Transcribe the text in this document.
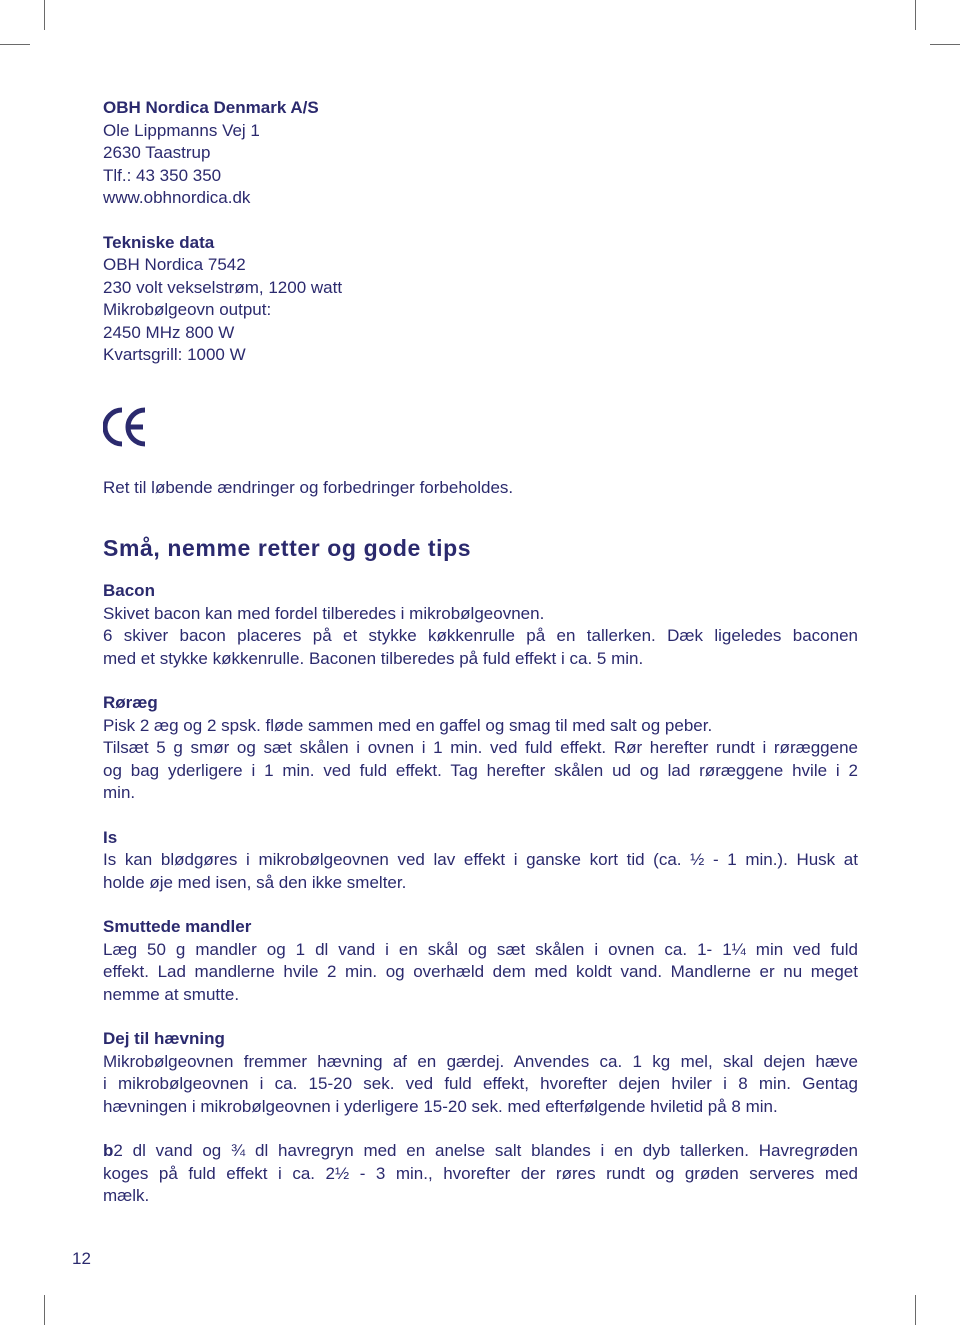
OBH Nordica Denmark A/S
Ole Lippmanns Vej 1
2630 Taastrup
Tlf.: 43 350 350
www.obhnordica.dk
Tekniske data
OBH Nordica 7542
230 volt vekselstrøm, 1200 watt
Mikrobølgeovn output:
2450 MHz 800 W
Kvartsgrill: 1000 W
Ret til løbende ændringer og forbedringer forbeholdes.
Små, nemme retter og gode tips
Bacon
Skivet bacon kan med fordel tilberedes i mikrobølgeovnen.
6 skiver bacon placeres på et stykke køkkenrulle på en tallerken. Dæk ligeledes baconen
med et stykke køkkenrulle. Baconen tilberedes på fuld effekt i ca. 5 min.
Røræg
Pisk 2 æg og 2 spsk. fløde sammen med en gaffel og smag til med salt og peber.
Tilsæt 5 g smør og sæt skålen i ovnen i 1 min. ved fuld effekt. Rør herefter rundt i røræggene
og bag yderligere i 1 min. ved fuld effekt. Tag herefter skålen ud og lad røræggene hvile i 2
min.
Is
Is kan blødgøres i mikrobølgeovnen ved lav effekt i ganske kort tid (ca. ½ - 1 min.). Husk at
holde øje med isen, så den ikke smelter.
Smuttede mandler
Læg 50 g mandler og 1 dl vand i en skål og sæt skålen i ovnen ca. 1- 1¼ min ved fuld
effekt. Lad mandlerne hvile 2 min. og overhæld dem med koldt vand. Mandlerne er nu meget
nemme at smutte.
Dej til hævning
Mikrobølgeovnen fremmer hævning af en gærdej. Anvendes ca. 1 kg mel, skal dejen hæve
i mikrobølgeovnen i ca. 15-20 sek. ved fuld effekt, hvorefter dejen hviler i 8 min. Gentag
hævningen i mikrobølgeovnen i yderligere 15-20 sek. med efterfølgende hviletid på 8 min.
b2 dl vand og ¾ dl havregryn med en anelse salt blandes i en dyb tallerken. Havregrøden
koges på fuld effekt i ca. 2½ - 3 min., hvorefter der røres rundt og grøden serveres med
mælk.
12
